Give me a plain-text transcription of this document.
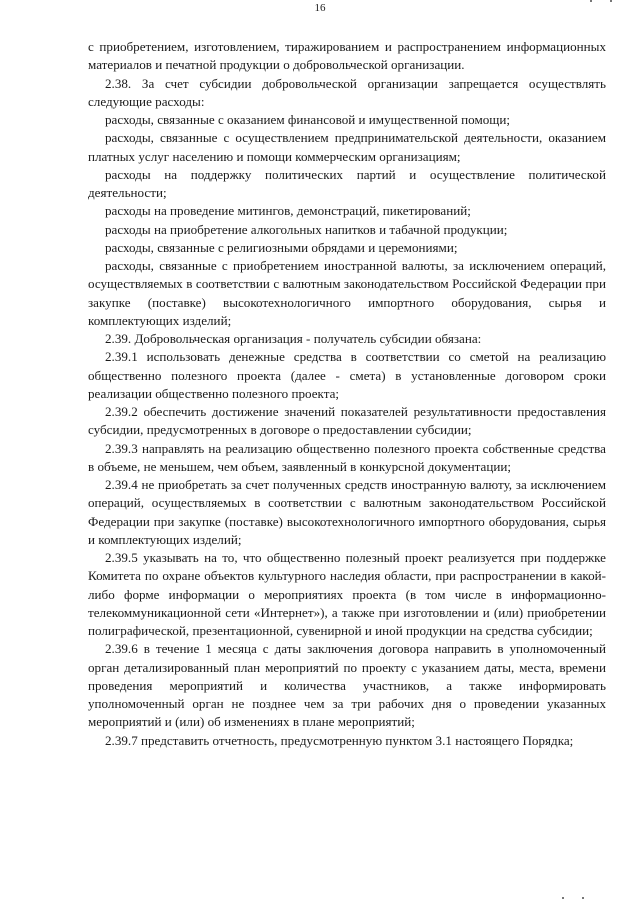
16

с приобретением, изготовлением, тиражированием и распространением информационных материалов и печатной продукции о добровольческой организации.

2.38. За счет субсидии добровольческой организации запрещается осуществлять следующие расходы:

расходы, связанные с оказанием финансовой и имущественной помощи;

расходы, связанные с осуществлением предпринимательской деятельности, оказанием платных услуг населению и помощи коммерческим организациям;

расходы на поддержку политических партий и осуществление политической деятельности;

расходы на проведение митингов, демонстраций, пикетирований;

расходы на приобретение алкогольных напитков и табачной продукции;

расходы, связанные с религиозными обрядами и церемониями;

расходы, связанные с приобретением иностранной валюты, за исключением операций, осуществляемых в соответствии с валютным законодательством Российской Федерации при закупке (поставке) высокотехнологичного импортного оборудования, сырья и комплектующих изделий;

2.39. Добровольческая организация - получатель субсидии обязана:

2.39.1 использовать денежные средства в соответствии со сметой на реализацию общественно полезного проекта (далее - смета) в установленные договором сроки реализации общественно полезного проекта;

2.39.2 обеспечить достижение значений показателей результативности предоставления субсидии, предусмотренных в договоре о предоставлении субсидии;

2.39.3 направлять на реализацию общественно полезного проекта собственные средства в объеме, не меньшем, чем объем, заявленный в конкурсной документации;

2.39.4 не приобретать за счет полученных средств иностранную валюту, за исключением операций, осуществляемых в соответствии с валютным законодательством Российской Федерации при закупке (поставке) высокотехнологичного импортного оборудования, сырья и комплектующих изделий;

2.39.5 указывать на то, что общественно полезный проект реализуется при поддержке Комитета по охране объектов культурного наследия области, при распространении в какой-либо форме информации о мероприятиях проекта (в том числе в информационно-телекоммуникационной сети «Интернет»), а также при изготовлении и (или) приобретении полиграфической, презентационной, сувенирной и иной продукции на средства субсидии;

2.39.6 в течение 1 месяца с даты заключения договора направить в уполномоченный орган детализированный план мероприятий по проекту с указанием даты, места, времени проведения мероприятий и количества участников, а также информировать уполномоченный орган не позднее чем за три рабочих дня о проведении указанных мероприятий и (или) об изменениях в плане мероприятий;

2.39.7 представить отчетность, предусмотренную пунктом 3.1 настоящего Порядка;
